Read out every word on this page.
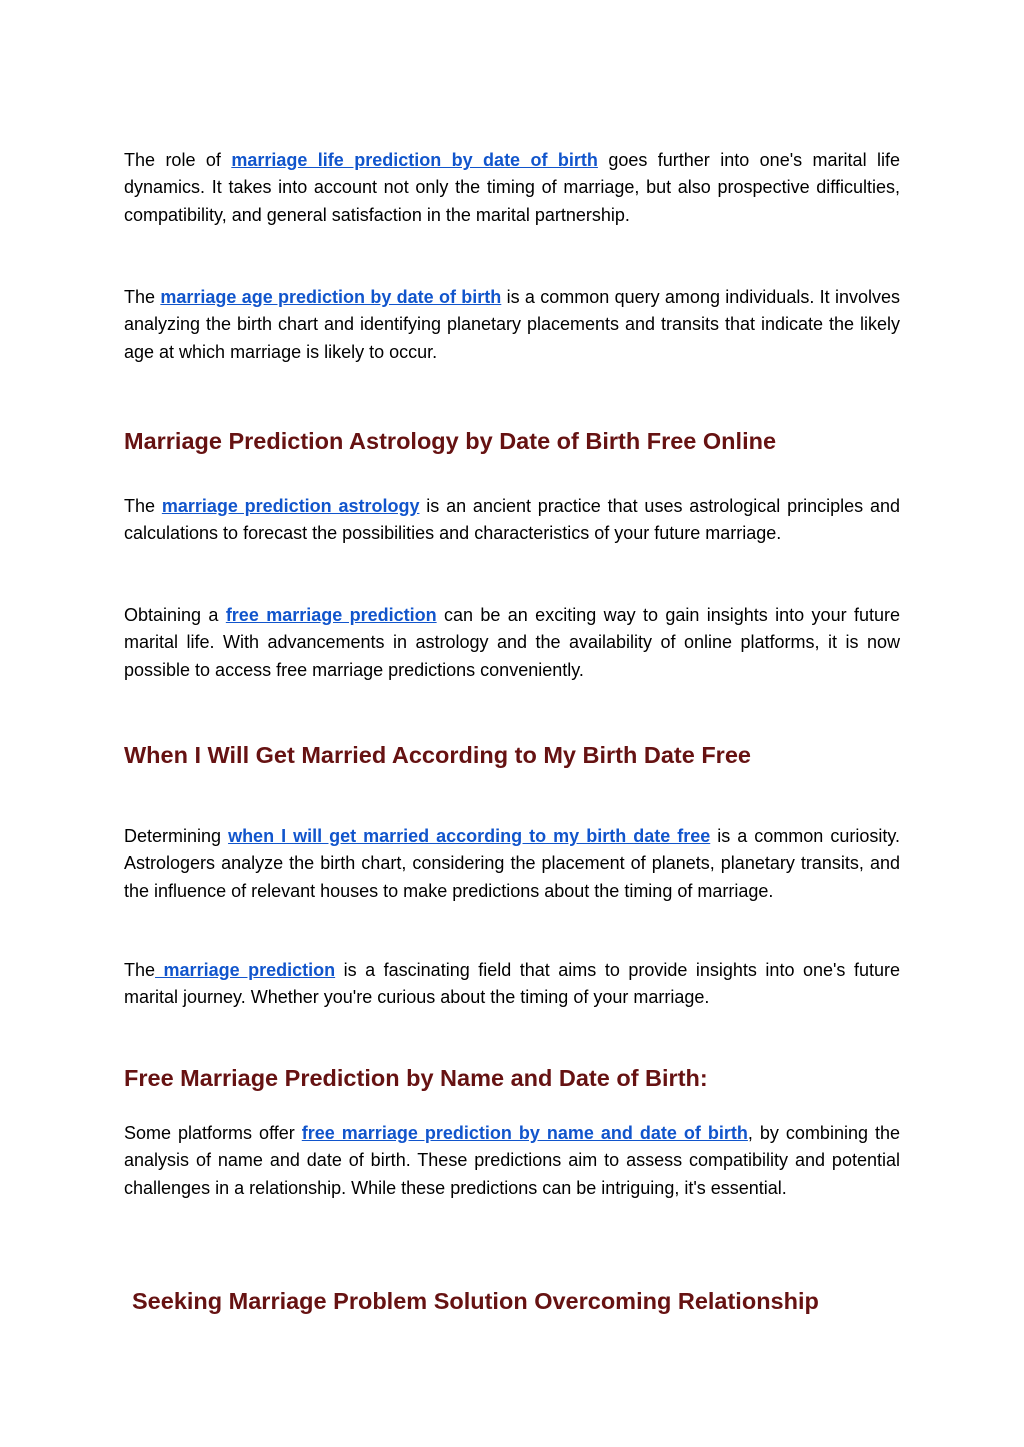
The role of marriage life prediction by date of birth goes further into one's marital life dynamics. It takes into account not only the timing of marriage, but also prospective difficulties, compatibility, and general satisfaction in the marital partnership.

The marriage age prediction by date of birth is a common query among individuals. It involves analyzing the birth chart and identifying planetary placements and transits that indicate the likely age at which marriage is likely to occur.

Marriage Prediction Astrology by Date of Birth Free Online

The marriage prediction astrology is an ancient practice that uses astrological principles and calculations to forecast the possibilities and characteristics of your future marriage.

Obtaining a free marriage prediction can be an exciting way to gain insights into your future marital life. With advancements in astrology and the availability of online platforms, it is now possible to access free marriage predictions conveniently.

When I Will Get Married According to My Birth Date Free

Determining when I will get married according to my birth date free is a common curiosity. Astrologers analyze the birth chart, considering the placement of planets, planetary transits, and the influence of relevant houses to make predictions about the timing of marriage.

The marriage prediction is a fascinating field that aims to provide insights into one's future marital journey. Whether you're curious about the timing of your marriage.

Free Marriage Prediction by Name and Date of Birth:

Some platforms offer free marriage prediction by name and date of birth, by combining the analysis of name and date of birth. These predictions aim to assess compatibility and potential challenges in a relationship. While these predictions can be intriguing, it's essential.

Seeking Marriage Problem Solution Overcoming Relationship
